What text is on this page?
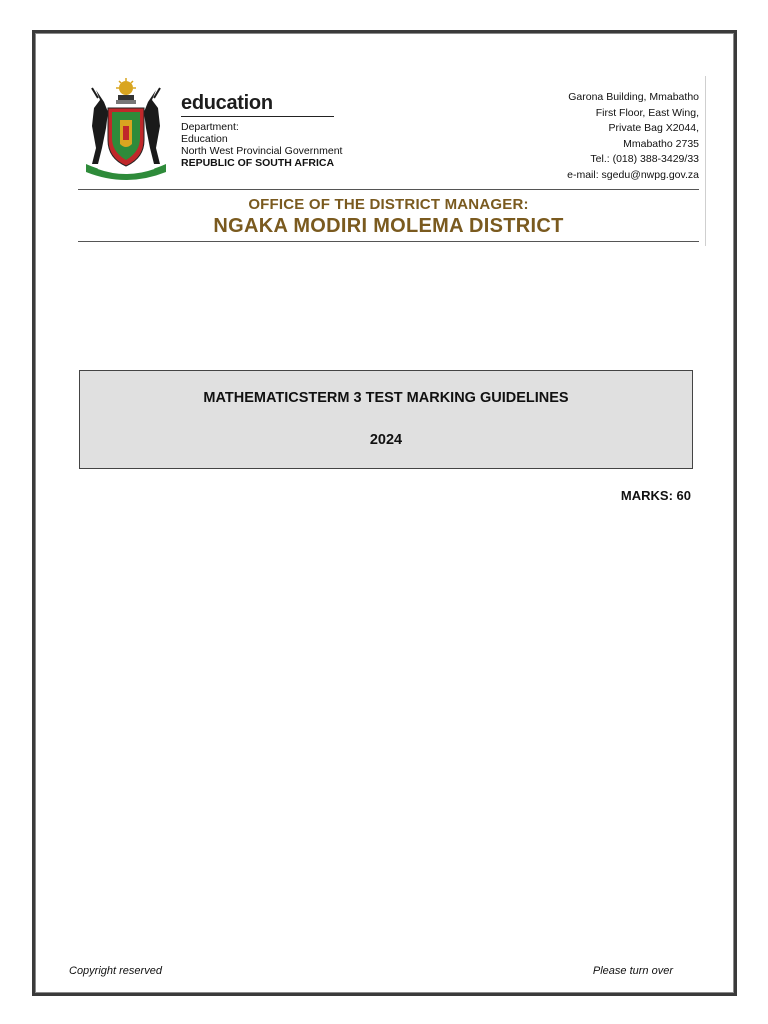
education
Department:
Education
North West Provincial Government
REPUBLIC OF SOUTH AFRICA
Garona Building, Mmabatho
First Floor, East Wing,
Private Bag X2044,
Mmabatho 2735
Tel.: (018) 388-3429/33
e-mail: sgedu@nwpg.gov.za
OFFICE OF THE DISTRICT MANAGER:
NGAKA MODIRI MOLEMA DISTRICT
MATHEMATICSTERM 3 TEST MARKING GUIDELINES
2024
MARKS: 60
Copyright reserved	Please turn over
